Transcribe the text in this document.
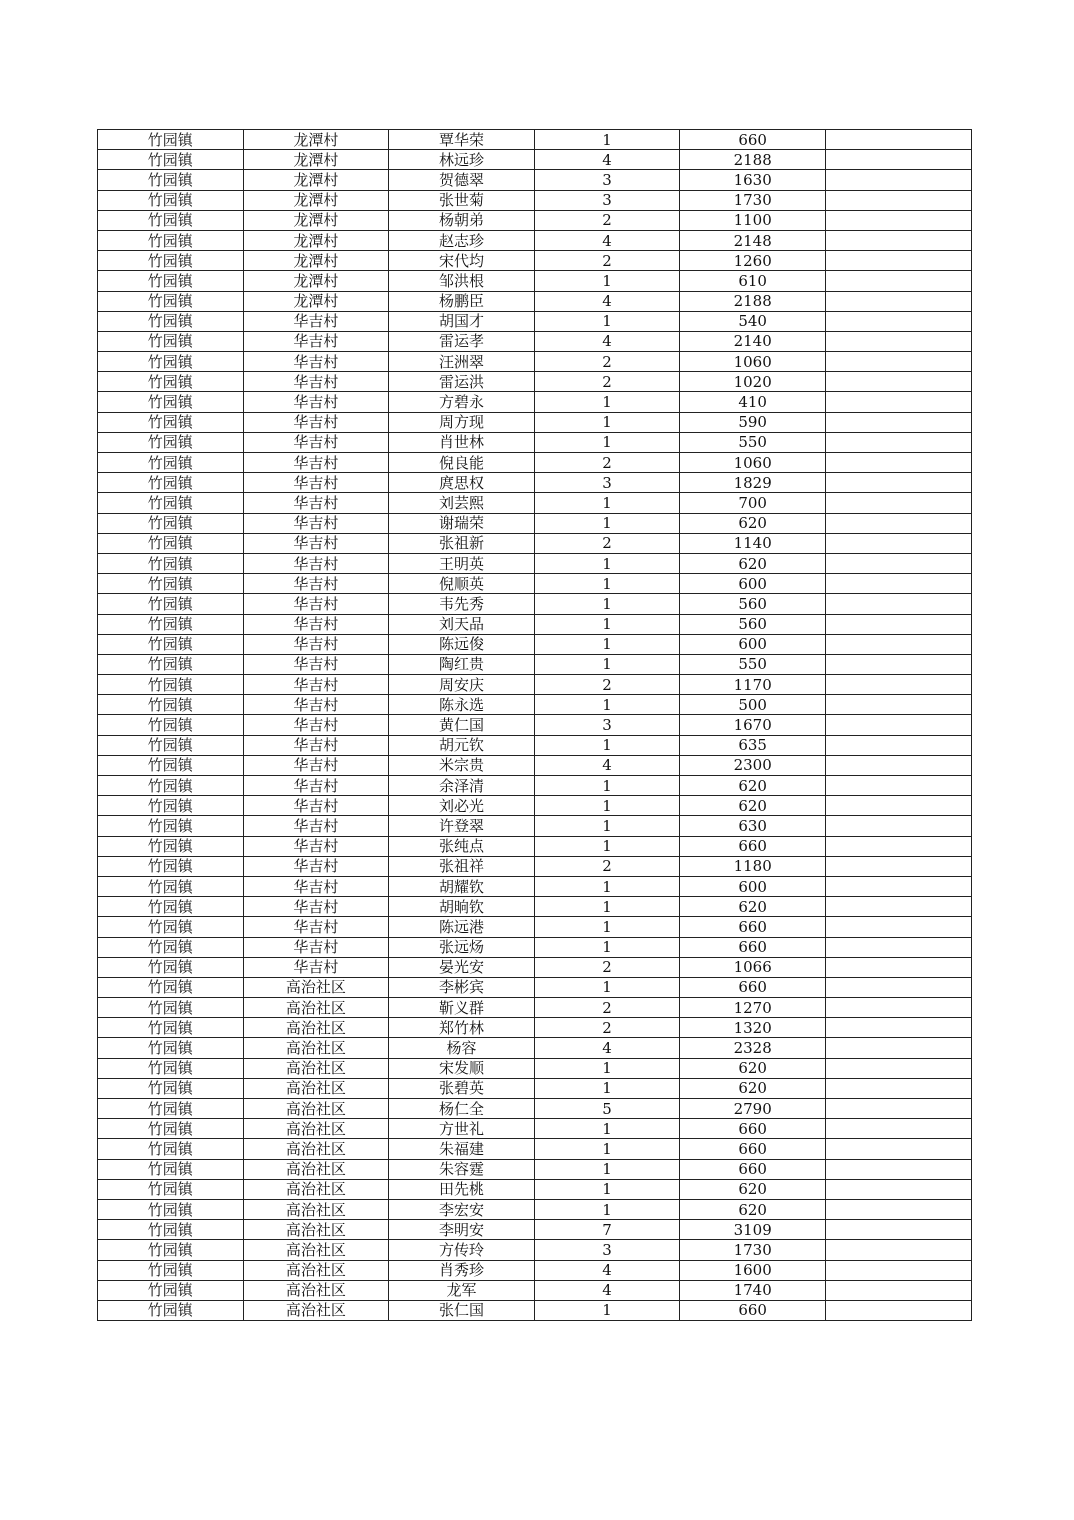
竹园镇	龙潭村	覃华荣	1	660	
竹园镇	龙潭村	林远珍	4	2188	
竹园镇	龙潭村	贺德翠	3	1630	
竹园镇	龙潭村	张世菊	3	1730	
竹园镇	龙潭村	杨朝弟	2	1100	
竹园镇	龙潭村	赵志珍	4	2148	
竹园镇	龙潭村	宋代均	2	1260	
竹园镇	龙潭村	邹洪根	1	610	
竹园镇	龙潭村	杨鹏臣	4	2188	
竹园镇	华吉村	胡国才	1	540	
竹园镇	华吉村	雷运孝	4	2140	
竹园镇	华吉村	汪洲翠	2	1060	
竹园镇	华吉村	雷运洪	2	1020	
竹园镇	华吉村	方碧永	1	410	
竹园镇	华吉村	周方现	1	590	
竹园镇	华吉村	肖世林	1	550	
竹园镇	华吉村	倪良能	2	1060	
竹园镇	华吉村	庹思权	3	1829	
竹园镇	华吉村	刘芸熙	1	700	
竹园镇	华吉村	谢瑞荣	1	620	
竹园镇	华吉村	张祖新	2	1140	
竹园镇	华吉村	王明英	1	620	
竹园镇	华吉村	倪顺英	1	600	
竹园镇	华吉村	韦先秀	1	560	
竹园镇	华吉村	刘天品	1	560	
竹园镇	华吉村	陈远俊	1	600	
竹园镇	华吉村	陶红贵	1	550	
竹园镇	华吉村	周安庆	2	1170	
竹园镇	华吉村	陈永选	1	500	
竹园镇	华吉村	黄仁国	3	1670	
竹园镇	华吉村	胡元钦	1	635	
竹园镇	华吉村	米宗贵	4	2300	
竹园镇	华吉村	余泽清	1	620	
竹园镇	华吉村	刘必光	1	620	
竹园镇	华吉村	许登翠	1	630	
竹园镇	华吉村	张纯点	1	660	
竹园镇	华吉村	张祖祥	2	1180	
竹园镇	华吉村	胡耀钦	1	600	
竹园镇	华吉村	胡晌钦	1	620	
竹园镇	华吉村	陈远港	1	660	
竹园镇	华吉村	张远炀	1	660	
竹园镇	华吉村	晏光安	2	1066	
竹园镇	高治社区	李彬宾	1	660	
竹园镇	高治社区	靳义群	2	1270	
竹园镇	高治社区	郑竹林	2	1320	
竹园镇	高治社区	杨容	4	2328	
竹园镇	高治社区	宋发顺	1	620	
竹园镇	高治社区	张碧英	1	620	
竹园镇	高治社区	杨仁全	5	2790	
竹园镇	高治社区	方世礼	1	660	
竹园镇	高治社区	朱福建	1	660	
竹园镇	高治社区	朱容霆	1	660	
竹园镇	高治社区	田先桃	1	620	
竹园镇	高治社区	李宏安	1	620	
竹园镇	高治社区	李明安	7	3109	
竹园镇	高治社区	方传玲	3	1730	
竹园镇	高治社区	肖秀珍	4	1600	
竹园镇	高治社区	龙军	4	1740	
竹园镇	高治社区	张仁国	1	660	
